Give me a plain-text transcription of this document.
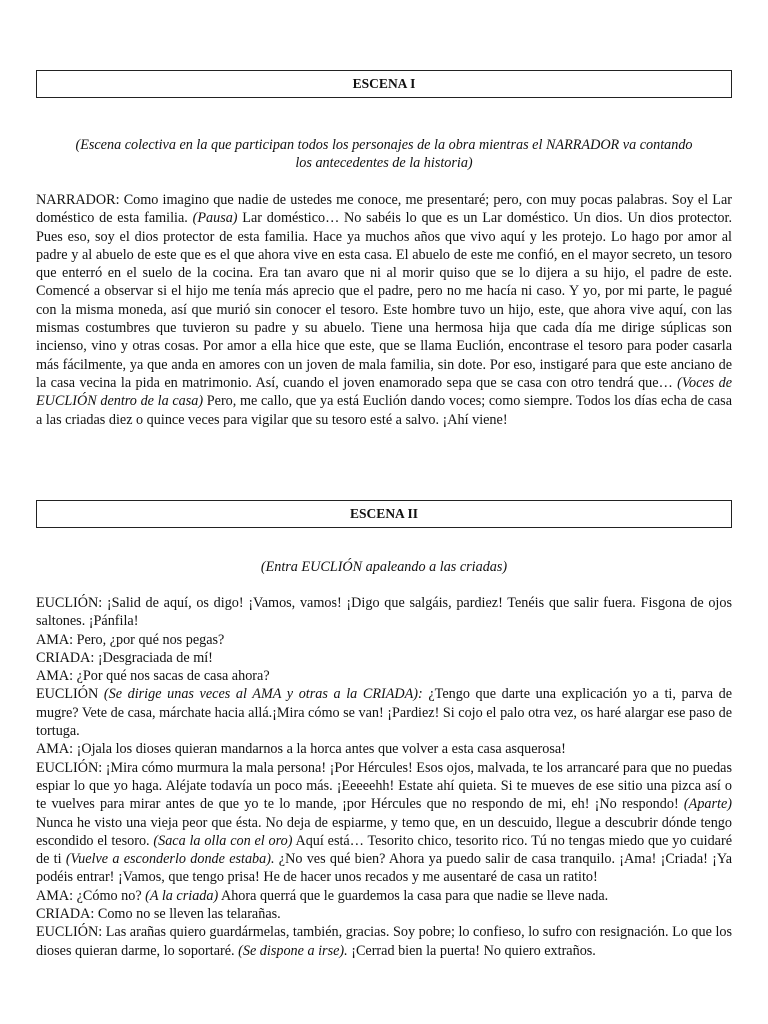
ESCENA I
(Escena colectiva en la que participan todos los personajes de la obra mientras el NARRADOR va contando
los antecedentes de la historia)
NARRADOR: Como imagino que nadie de ustedes me conoce, me presentaré; pero, con muy pocas palabras. Soy el Lar doméstico de esta familia. (Pausa) Lar doméstico… No sabéis lo que es un Lar doméstico. Un dios. Un dios protector. Pues eso, soy el dios protector de esta familia. Hace ya muchos años que vivo aquí y les protejo. Lo hago por amor al padre y al abuelo de este que es el que ahora vive en esta casa. El abuelo de este me confió, en el mayor secreto, un tesoro que enterró en el suelo de la cocina. Era tan avaro que ni al morir quiso que se lo dijera a su hijo, el padre de este. Comencé a observar si el hijo me tenía más aprecio que el padre, pero no me hacía ni caso. Y yo, por mi parte, le pagué con la misma moneda, así que murió sin conocer el tesoro. Este hombre tuvo un hijo, este, que ahora vive aquí, con las mismas costumbres que tuvieron su padre y su abuelo. Tiene una hermosa hija que cada día me dirige súplicas son incienso, vino y otras cosas. Por amor a ella hice que este, que se llama Euclión, encontrase el tesoro para poder casarla más fácilmente, ya que anda en amores con un joven de mala familia, sin dote. Por eso, instigaré para que este anciano de la casa vecina la pida en matrimonio. Así, cuando el joven enamorado sepa que se casa con otro tendrá que… (Voces de EUCLIÓN dentro de la casa) Pero, me callo, que ya está Euclión dando voces; como siempre. Todos los días echa de casa a las criadas diez o quince veces para vigilar que su tesoro esté a salvo. ¡Ahí viene!
ESCENA II
(Entra EUCLIÓN apaleando a las criadas)
EUCLIÓN: ¡Salid de aquí, os digo! ¡Vamos, vamos! ¡Digo que salgáis, pardiez! Tenéis que salir fuera. Fisgona de ojos saltones. ¡Pánfila!
AMA: Pero, ¿por qué nos pegas?
CRIADA: ¡Desgraciada de mí!
AMA: ¿Por qué nos sacas de casa ahora?
EUCLIÓN (Se dirige unas veces al AMA y otras a la CRIADA): ¿Tengo que darte una explicación yo a ti, parva de mugre? Vete de casa, márchate hacia allá.¡Mira cómo se van! ¡Pardiez! Si cojo el palo otra vez, os haré alargar ese paso de tortuga.
AMA: ¡Ojala los dioses quieran mandarnos a la horca antes que volver a esta casa asquerosa!
EUCLIÓN: ¡Mira cómo murmura la mala persona! ¡Por Hércules! Esos ojos, malvada, te los arrancaré para que no puedas espiar lo que yo haga. Aléjate todavía un poco más. ¡Eeeeehh! Estate ahí quieta. Si te mueves de ese sitio una pizca así o te vuelves para mirar antes de que yo te lo mande, ¡por Hércules que no respondo de mi, eh! ¡No respondo! (Aparte) Nunca he visto una vieja peor que ésta. No deja de espiarme, y temo que, en un descuido, llegue a descubrir dónde tengo escondido el tesoro. (Saca la olla con el oro) Aquí está… Tesorito chico, tesorito rico. Tú no tengas miedo que yo cuidaré de ti (Vuelve a esconderlo donde estaba). ¿No ves qué bien? Ahora ya puedo salir de casa tranquilo. ¡Ama! ¡Criada! ¡Ya podéis entrar! ¡Vamos, que tengo prisa! He de hacer unos recados y me ausentaré de casa un ratito!
AMA: ¿Cómo no? (A la criada) Ahora querrá que le guardemos la casa para que nadie se lleve nada.
CRIADA: Como no se lleven las telarañas.
EUCLIÓN: Las arañas quiero guardármelas, también, gracias. Soy pobre; lo confieso, lo sufro con resignación. Lo que los dioses quieran darme, lo soportaré. (Se dispone a irse). ¡Cerrad bien la puerta! No quiero extraños.
